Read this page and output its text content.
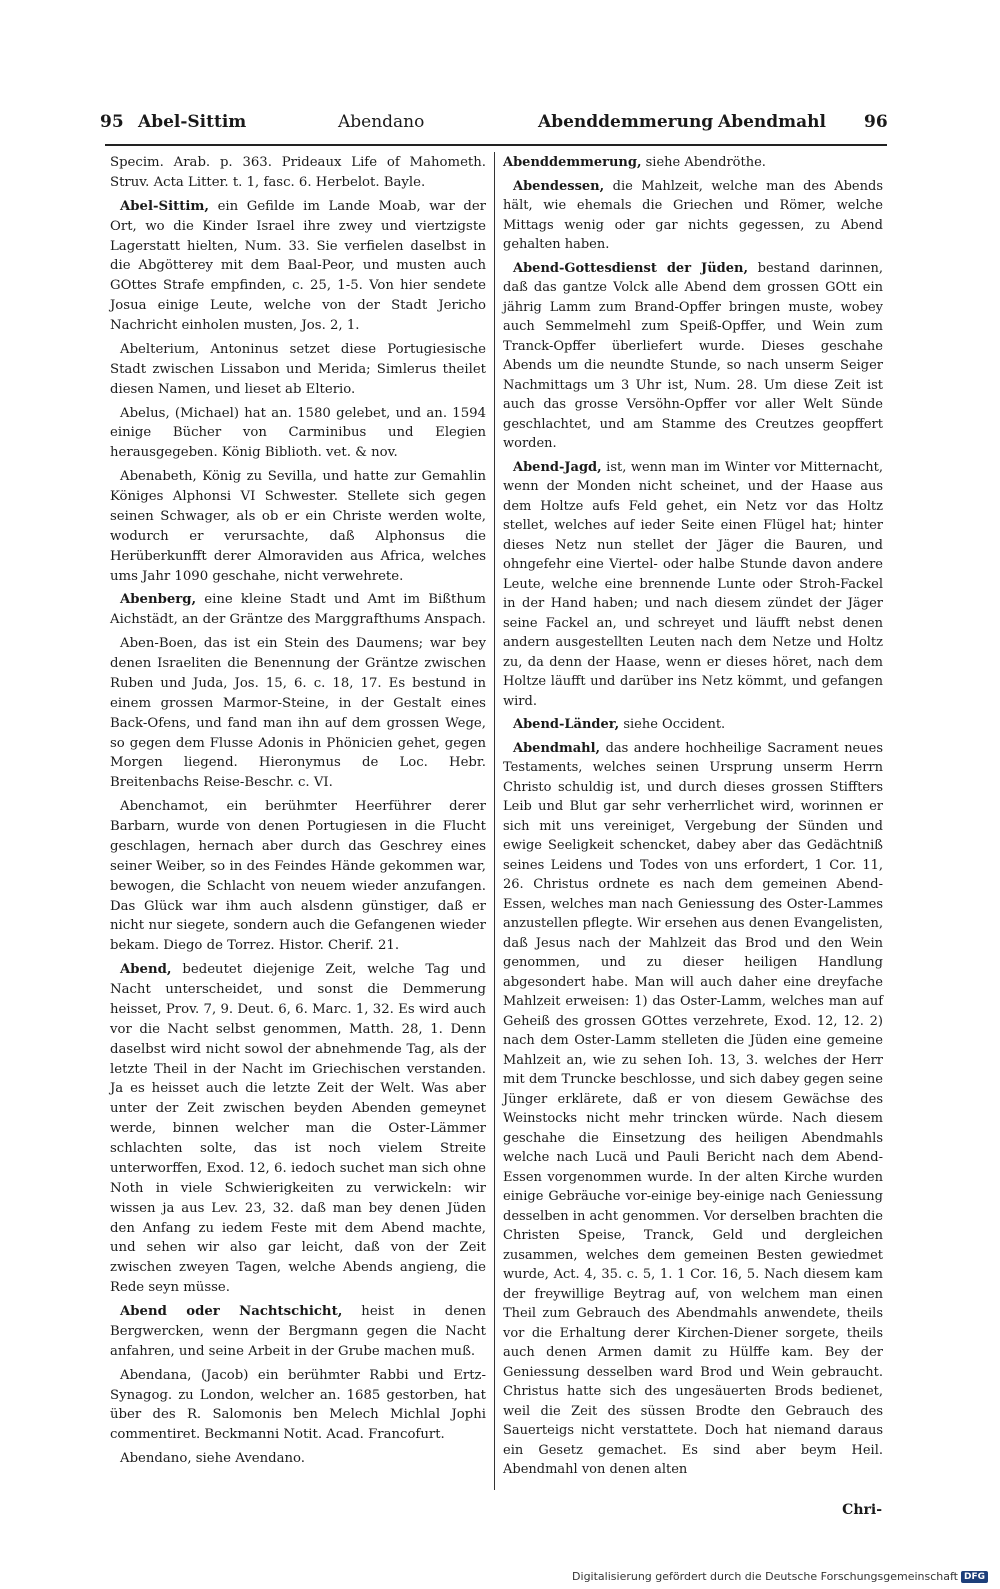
95 Abel-Sittim	Abendano	Abenddemmerung Abendmahl 96

Specim. Arab. p. 363. Prideaux Life of Mahometh. Struv. Acta Litter. t. 1, fasc. 6. Herbelot. Bayle.

Abel-Sittim, ein Gefilde im Lande Moab, war der Ort, wo die Kinder Israel ihre zwey und viertzigste Lagerstatt hielten, Num. 33. Sie verfielen daselbst in die Abgötterey mit dem Baal-Peor, und musten auch GOttes Strafe empfinden, c. 25, 1-5. Von hier sendete Josua einige Leute, welche von der Stadt Jericho Nachricht einholen musten, Jos. 2, 1.

Abelterium, Antoninus setzet diese Portugiesische Stadt zwischen Lissabon und Merida; Simlerus theilet diesen Namen, und lieset ab Elterio.

Abelus, (Michael) hat an. 1580 gelebet, und an. 1594 einige Bücher von Carminibus und Elegien herausgegeben. König Biblioth. vet. & nov.

Abenabeth, König zu Sevilla, und hatte zur Gemahlin Königes Alphonsi VI Schwester. Stellete sich gegen seinen Schwager, als ob er ein Christe werden wolte, wodurch er verursachte, daß Alphonsus die Herüberkunfft derer Almoraviden aus Africa, welches ums Jahr 1090 geschahe, nicht verwehrete.

Abenberg, eine kleine Stadt und Amt im Bißthum Aichstädt, an der Gräntze des Marggrafthums Anspach.

Aben-Boen, das ist ein Stein des Daumens; war bey denen Israeliten die Benennung der Gräntze zwischen Ruben und Juda, Jos. 15, 6. c. 18, 17. Es bestund in einem grossen Marmor-Steine, in der Gestalt eines Back-Ofens, und fand man ihn auf dem grossen Wege, so gegen dem Flusse Adonis in Phönicien gehet, gegen Morgen liegend. Hieronymus de Loc. Hebr. Breitenbachs Reise-Beschr. c. VI.

Abenchamot, ein berühmter Heerführer derer Barbarn, wurde von denen Portugiesen in die Flucht geschlagen, hernach aber durch das Geschrey eines seiner Weiber, so in des Feindes Hände gekommen war, bewogen, die Schlacht von neuem wieder anzufangen. Das Glück war ihm auch alsdenn günstiger, daß er nicht nur siegete, sondern auch die Gefangenen wieder bekam. Diego de Torrez. Histor. Cherif. 21.

Abend, bedeutet diejenige Zeit, welche Tag und Nacht unterscheidet, und sonst die Demmerung heisset, Prov. 7, 9. Deut. 6, 6. Marc. 1, 32. Es wird auch vor die Nacht selbst genommen, Matth. 28, 1. Denn daselbst wird nicht sowol der abnehmende Tag, als der letzte Theil in der Nacht im Griechischen verstanden. Ja es heisset auch die letzte Zeit der Welt. Was aber unter der Zeit zwischen beyden Abenden gemeynet werde, binnen welcher man die Oster-Lämmer schlachten solte, das ist noch vielem Streite unterworffen, Exod. 12, 6. iedoch suchet man sich ohne Noth in viele Schwierigkeiten zu verwickeln: wir wissen ja aus Lev. 23, 32. daß man bey denen Jüden den Anfang zu iedem Feste mit dem Abend machte, und sehen wir also gar leicht, daß von der Zeit zwischen zweyen Tagen, welche Abends angieng, die Rede seyn müsse.

Abend oder Nachtschicht, heist in denen Bergwercken, wenn der Bergmann gegen die Nacht anfahren, und seine Arbeit in der Grube machen muß.

Abendana, (Jacob) ein berühmter Rabbi und Ertz-Synagog. zu London, welcher an. 1685 gestorben, hat über des R. Salomonis ben Melech Michlal Jophi commentiret. Beckmanni Notit. Acad. Francofurt.

Abendano, siehe Avendano.

Abenddemmerung, siehe Abendröthe.

Abendessen, die Mahlzeit, welche man des Abends hält, wie ehemals die Griechen und Römer, welche Mittags wenig oder gar nichts gegessen, zu Abend gehalten haben.

Abend-Gottesdienst der Jüden, bestand darinnen, daß das gantze Volck alle Abend dem grossen GOtt ein jährig Lamm zum Brand-Opffer bringen muste, wobey auch Semmelmehl zum Speiß-Opffer, und Wein zum Tranck-Opffer überliefert wurde. Dieses geschahe Abends um die neundte Stunde, so nach unserm Seiger Nachmittags um 3 Uhr ist, Num. 28. Um diese Zeit ist auch das grosse Versöhn-Opffer vor aller Welt Sünde geschlachtet, und am Stamme des Creutzes geopffert worden.

Abend-Jagd, ist, wenn man im Winter vor Mitternacht, wenn der Monden nicht scheinet, und der Haase aus dem Holtze aufs Feld gehet, ein Netz vor das Holtz stellet, welches auf ieder Seite einen Flügel hat; hinter dieses Netz nun stellet der Jäger die Bauren, und ohngefehr eine Viertel- oder halbe Stunde davon andere Leute, welche eine brennende Lunte oder Stroh-Fackel in der Hand haben; und nach diesem zündet der Jäger seine Fackel an, und schreyet und läufft nebst denen andern ausgestellten Leuten nach dem Netze und Holtz zu, da denn der Haase, wenn er dieses höret, nach dem Holtze läufft und darüber ins Netz kömmt, und gefangen wird.

Abend-Länder, siehe Occident.

Abendmahl, das andere hochheilige Sacrament neues Testaments, welches seinen Ursprung unserm Herrn Christo schuldig ist, und durch dieses grossen Stiffters Leib und Blut gar sehr verherrlichet wird, worinnen er sich mit uns vereiniget, Vergebung der Sünden und ewige Seeligkeit schencket, dabey aber das Gedächtniß seines Leidens und Todes von uns erfordert, 1 Cor. 11, 26. Christus ordnete es nach dem gemeinen Abend-Essen, welches man nach Geniessung des Oster-Lammes anzustellen pflegte. Wir ersehen aus denen Evangelisten, daß Jesus nach der Mahlzeit das Brod und den Wein genommen, und zu dieser heiligen Handlung abgesondert habe. Man will auch daher eine dreyfache Mahlzeit erweisen: 1) das Oster-Lamm, welches man auf Geheiß des grossen GOttes verzehrete, Exod. 12, 12. 2) nach dem Oster-Lamm stelleten die Jüden eine gemeine Mahlzeit an, wie zu sehen Ioh. 13, 3. welches der Herr mit dem Truncke beschlosse, und sich dabey gegen seine Jünger erklärete, daß er von diesem Gewächse des Weinstocks nicht mehr trincken würde. Nach diesem geschahe die Einsetzung des heiligen Abendmahls welche nach Lucä und Pauli Bericht nach dem Abend-Essen vorgenommen wurde. In der alten Kirche wurden einige Gebräuche vor-einige bey-einige nach Geniessung desselben in acht genommen. Vor derselben brachten die Christen Speise, Tranck, Geld und dergleichen zusammen, welches dem gemeinen Besten gewiedmet wurde, Act. 4, 35. c. 5, 1. 1 Cor. 16, 5. Nach diesem kam der freywillige Beytrag auf, von welchem man einen Theil zum Gebrauch des Abendmahls anwendete, theils vor die Erhaltung derer Kirchen-Diener sorgete, theils auch denen Armen damit zu Hülffe kam. Bey der Geniessung desselben ward Brod und Wein gebraucht. Christus hatte sich des ungesäuerten Brods bedienet, weil die Zeit des süssen Brodte den Gebrauch des Sauerteigs nicht verstattete. Doch hat niemand daraus ein Gesetz gemachet. Es sind aber beym Heil. Abendmahl von denen alten

Chri-
Digitalisierung gefördert durch die Deutsche Forschungsgemeinschaft DFG
